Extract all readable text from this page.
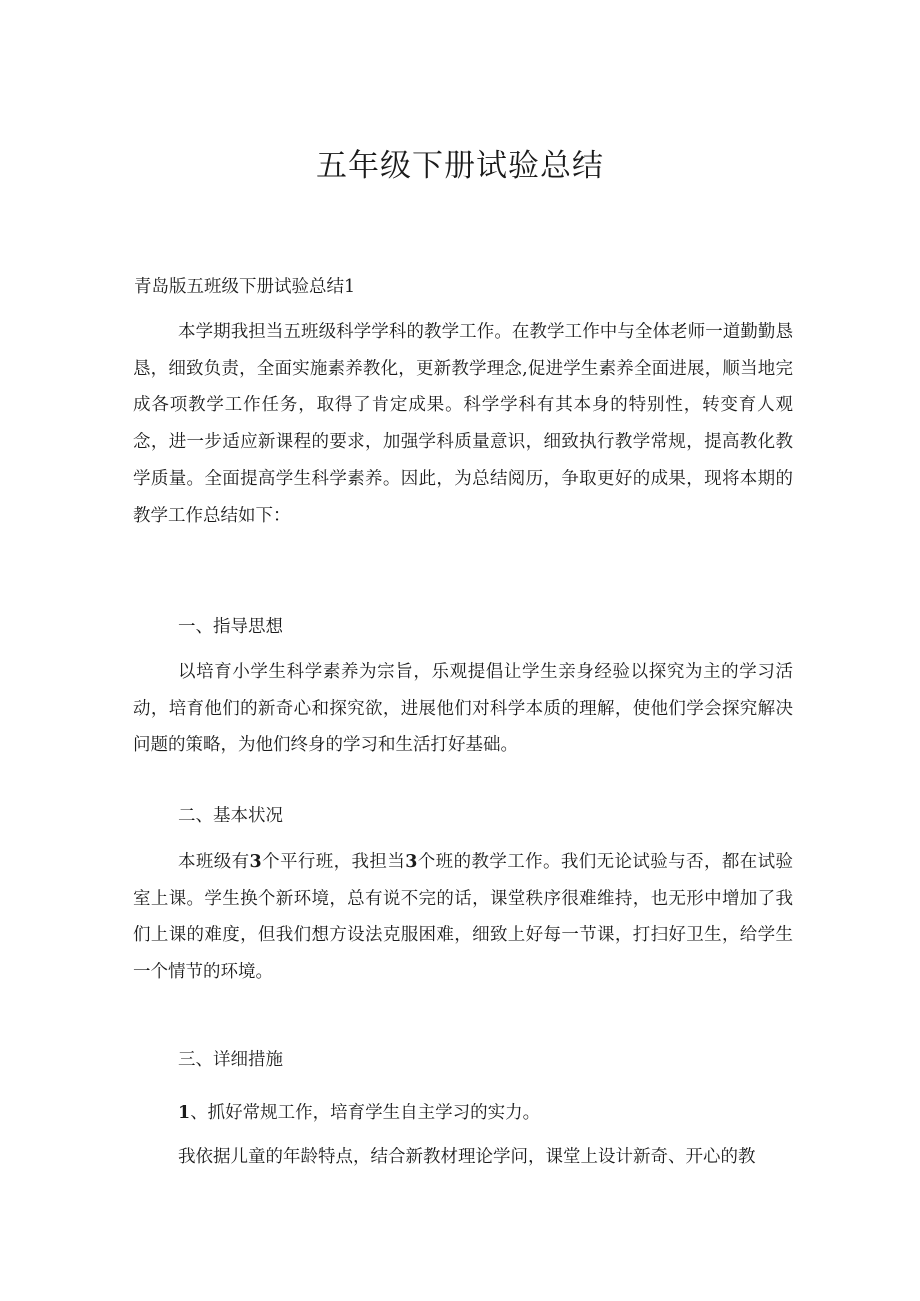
五年级下册试验总结

青岛版五班级下册试验总结1

本学期我担当五班级科学学科的教学工作。在教学工作中与全体老师一道勤勤恳恳，细致负责，全面实施素养教化，更新教学理念,促进学生素养全面进展，顺当地完成各项教学工作任务，取得了肯定成果。科学学科有其本身的特别性，转变育人观念，进一步适应新课程的要求，加强学科质量意识，细致执行教学常规，提高教化教学质量。全面提高学生科学素养。因此，为总结阅历，争取更好的成果，现将本期的教学工作总结如下：

一、指导思想

以培育小学生科学素养为宗旨，乐观提倡让学生亲身经验以探究为主的学习活动，培育他们的新奇心和探究欲，进展他们对科学本质的理解，使他们学会探究解决问题的策略，为他们终身的学习和生活打好基础。

二、基本状况

本班级有3个平行班，我担当3个班的教学工作。我们无论试验与否，都在试验室上课。学生换个新环境，总有说不完的话，课堂秩序很难维持，也无形中增加了我们上课的难度，但我们想方设法克服困难，细致上好每一节课，打扫好卫生，给学生一个情节的环境。

三、详细措施

1、抓好常规工作，培育学生自主学习的实力。

我依据儿童的年龄特点，结合新教材理论学问，课堂上设计新奇、开心的教
